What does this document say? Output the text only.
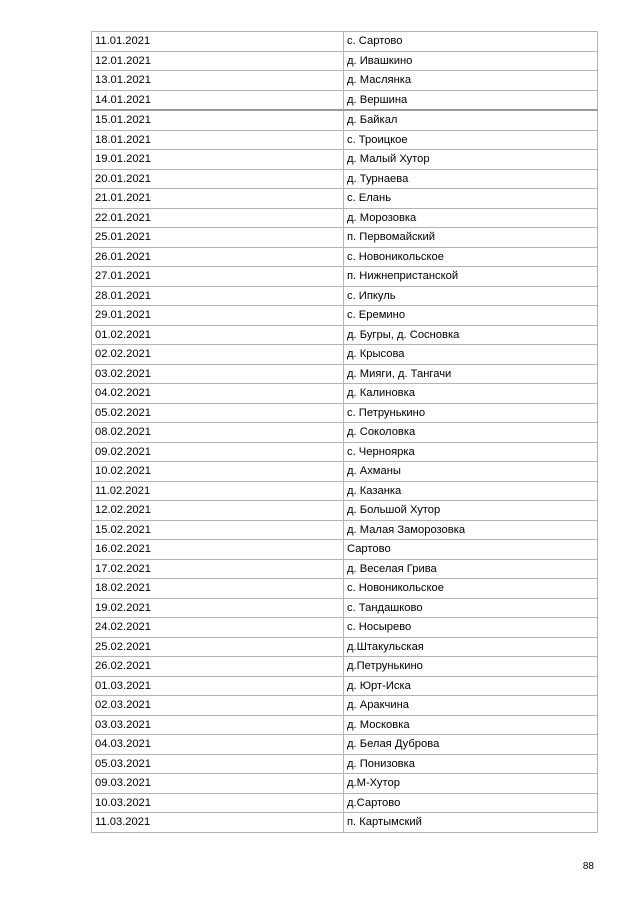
11.01.2021	с. Сартово
12.01.2021	д. Ивашкино
13.01.2021	д. Маслянка
14.01.2021	д. Вершина
15.01.2021	д. Байкал
18.01.2021	с. Троицкое
19.01.2021	д. Малый Хутор
20.01.2021	д. Турнаева
21.01.2021	с. Елань
22.01.2021	д. Морозовка
25.01.2021	п. Первомайский
26.01.2021	с. Новоникольское
27.01.2021	п. Нижнепристанской
28.01.2021	с. Ипкуль
29.01.2021	с. Еремино
01.02.2021	д. Бугры, д. Сосновка
02.02.2021	д. Крысова
03.02.2021	д. Мияги, д. Тангачи
04.02.2021	д. Калиновка
05.02.2021	с. Петрунькино
08.02.2021	д. Соколовка
09.02.2021	с. Черноярка
10.02.2021	д. Ахманы
11.02.2021	д. Казанка
12.02.2021	д. Большой Хутор
15.02.2021	д. Малая Заморозовка
16.02.2021	Сартово
17.02.2021	д. Веселая Грива
18.02.2021	с. Новоникольское
19.02.2021	с. Тандашково
24.02.2021	с. Носырево
25.02.2021	д.Штакульская
26.02.2021	д.Петрунькино
01.03.2021	д. Юрт-Иска
02.03.2021	д. Аракчина
03.03.2021	д. Московка
04.03.2021	д. Белая Дуброва
05.03.2021	д. Понизовка
09.03.2021	д.М-Хутор
10.03.2021	д.Сартово
11.03.2021	п. Картымский
88
